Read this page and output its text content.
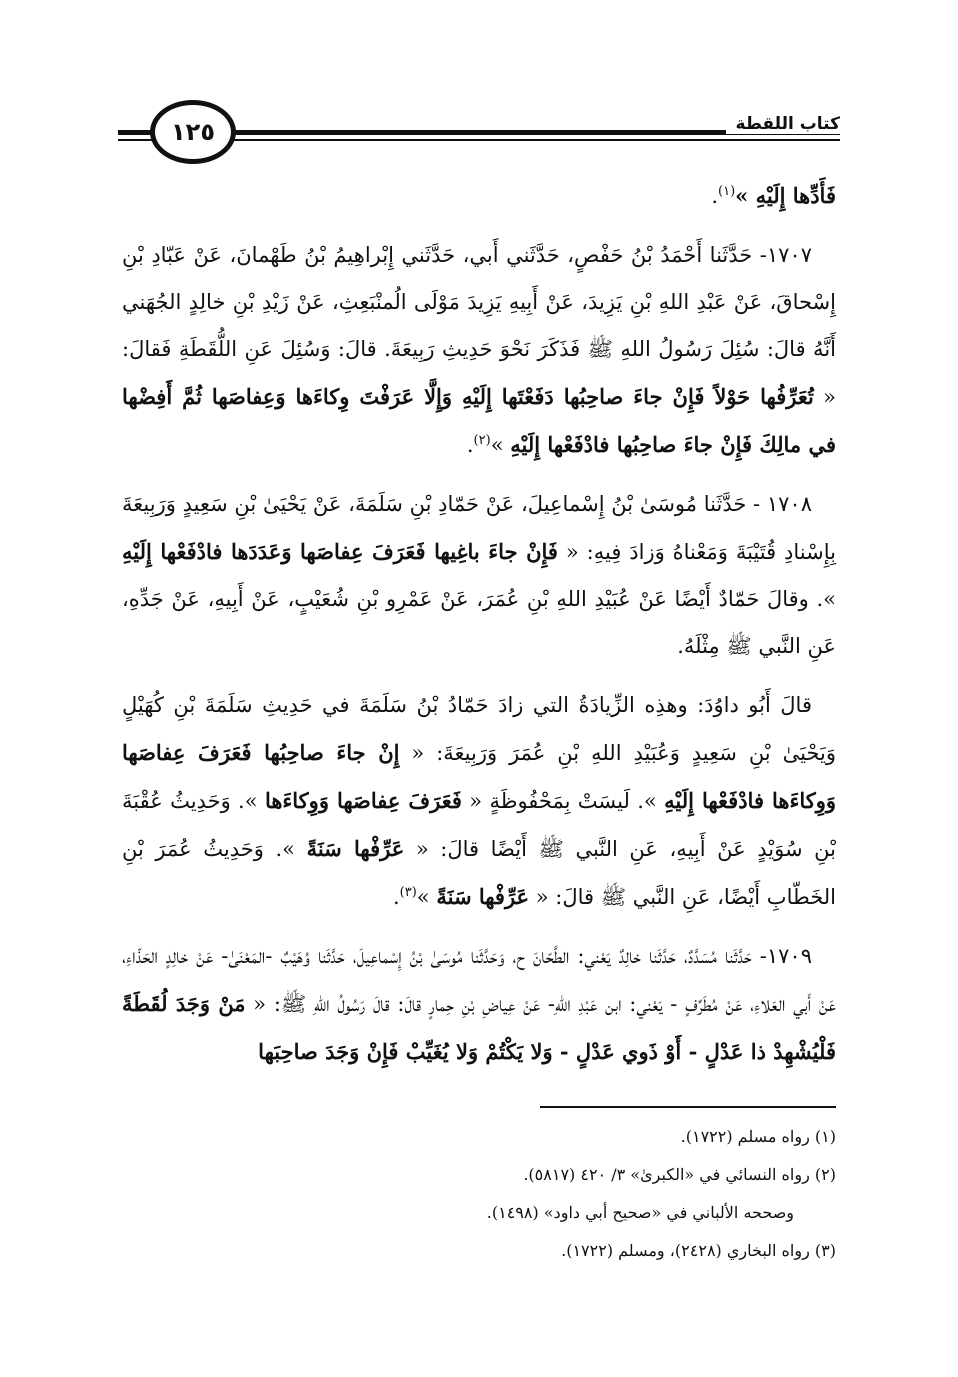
١٢٥	كتاب اللقطة

فَأَدِّها إِلَيْهِ »$^{(١)}$.

١٧٠٧- حَدَّثَنا أَحْمَدُ بْنُ حَفْصٍ، حَدَّثَني أَبي، حَدَّثَني إِبْراهِيمُ بْنُ طَهْمانَ، عَنْ عَبّادِ بْنِ إِسْحاقَ، عَنْ عَبْدِ اللهِ بْنِ يَزِيدَ، عَنْ أَبِيهِ يَزِيدَ مَوْلَى الُمنْبَعِثِ، عَنْ زَيْدِ بْنِ خالِدٍ الجُهَني أَنَّهُ قالَ: سُئِلَ رَسُولُ اللهِ ﷺ فَذَكَرَ نَحْوَ حَدِيثِ رَبِيعَةَ. قالَ: وَسُئِلَ عَنِ اللُّقَطَةِ فَقالَ: « تُعَرِّفُها حَوْلاً فَإِنْ جاءَ صاحِبُها دَفَعْتَها إِلَيْهِ وَإِلَّا عَرَفْتَ وِكاءَها وَعِفاصَها ثُمَّ أَفِضْها في مالِكَ فَإِنْ جاءَ صاحِبُها فادْفَعْها إِلَيْهِ »$^{(٢)}$.

١٧٠٨ - حَدَّثَنا مُوسَىٰ بْنُ إِسْماعِيلَ، عَنْ حَمّادِ بْنِ سَلَمَةَ، عَنْ يَحْيَىٰ بْنِ سَعِيدٍ وَرَبِيعَةَ بِإِسْنادِ قُتَيْبَةَ وَمَعْناهُ وَزادَ فِيهِ: « فَإِنْ جاءَ باغِيها فَعَرَفَ عِفاصَها وَعَدَدَها فادْفَعْها إِلَيْهِ ». وقالَ حَمّادٌ أَيْضًا عَنْ عُبَيْدِ اللهِ بْنِ عُمَرَ، عَنْ عَمْرِو بْنِ شُعَيْبٍ، عَنْ أَبِيهِ، عَنْ جَدِّهِ، عَنِ النَّبي ﷺ مِثْلَهُ.

قالَ أَبُو داوُدَ: وهذِه الزِّيادَةُ التي زادَ حَمّادُ بْنُ سَلَمَةَ في حَدِيثِ سَلَمَةَ بْنِ كُهَيْلٍ وَيَحْيَىٰ بْنِ سَعِيدٍ وَعُبَيْدِ اللهِ بْنِ عُمَرَ وَرَبِيعَةَ: « إِنْ جاءَ صاحِبُها فَعَرَفَ عِفاصَها وَوِكاءَها فادْفَعْها إِلَيْهِ ». لَيسَتْ بِمَحْفُوظَةٍ « فَعَرَفَ عِفاصَها وَوِكاءَها ». وَحَدِيثُ عُقْبَةَ بْنِ سُوَيْدٍ عَنْ أَبِيهِ، عَنِ النَّبي ﷺ أَيْضًا قالَ: « عَرِّفْها سَنَةً ». وَحَدِيثُ عُمَرَ بْنِ الخَطّابِ أَيْضًا، عَنِ النَّبي ﷺ قالَ: « عَرِّفْها سَنَةً »$^{(٣)}$.

١٧٠٩- حَدَّثَنا مُسَدَّدٌ، حَدَّثَنا خالِدٌ يَعْني: الطَّحّانَ ح، وَحَدَّثَنا مُوسَىٰ بْنُ إِسْماعِيلَ، حَدَّثَنا وُهَيْبٌ -المَعْنَىٰ- عَنْ خالِدٍ الحَذّاءِ، عَنْ أَبي العَلاءِ، عَنْ مُطَرِّفٍ - يَعْني: ابن عَبْدِ اللهِ- عَنْ عِياضِ بْنِ حِمارٍ قالَ: قالَ رَسُولُ اللهِ ﷺ: « مَنْ وَجَدَ لُقَطَةً فَلْيُشْهِدْ ذا عَدْلٍ - أَوْ ذَوي عَدْلٍ - وَلا يَكْتُمْ وَلا يُغَيِّبْ فَإِنْ وَجَدَ صاحِبَها

(١) رواه مسلم (١٧٢٢).
(٢) رواه النسائي في «الكبرىٰ» ٣/ ٤٢٠ (٥٨١٧).
وصححه الألباني في «صحيح أبي داود» (١٤٩٨).
(٣) رواه البخاري (٢٤٢٨)، ومسلم (١٧٢٢).
